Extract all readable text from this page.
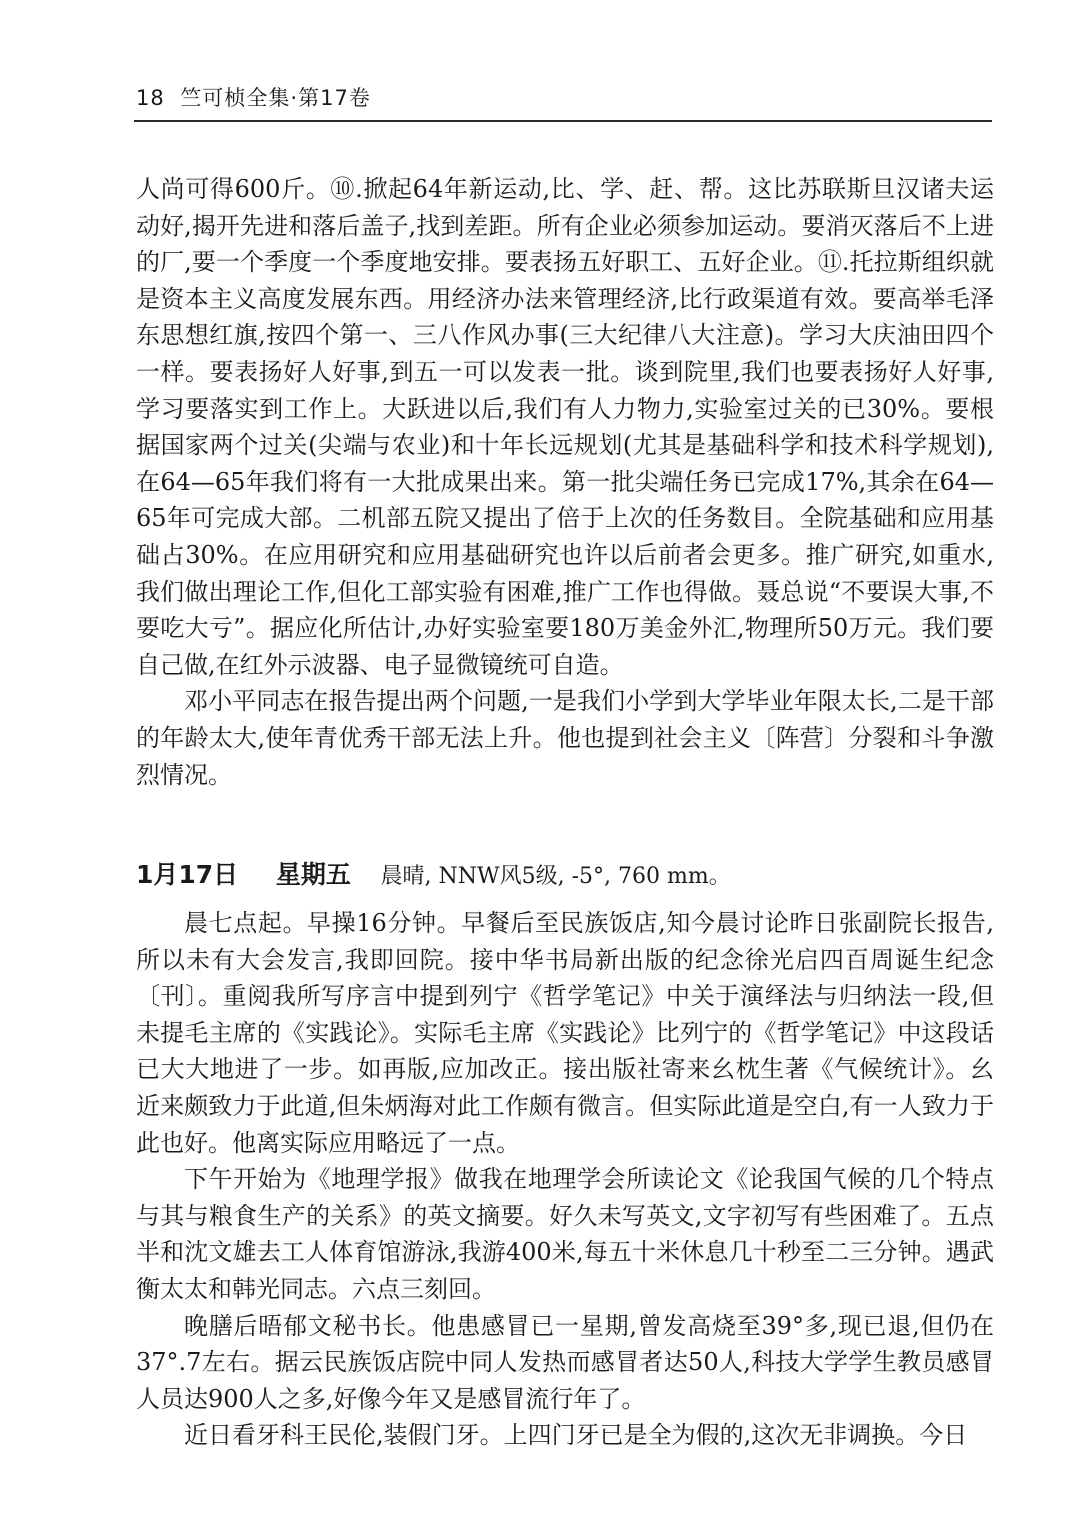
18 竺可桢全集·第17卷

人尚可得600斤。⑩.掀起64年新运动,比、学、赶、帮。这比苏联斯旦汉诸夫运动好,揭开先进和落后盖子,找到差距。所有企业必须参加运动。要消灭落后不上进的厂,要一个季度一个季度地安排。要表扬五好职工、五好企业。⑪.托拉斯组织就是资本主义高度发展东西。用经济办法来管理经济,比行政渠道有效。要高举毛泽东思想红旗,按四个第一、三八作风办事(三大纪律八大注意)。学习大庆油田四个一样。要表扬好人好事,到五一可以发表一批。谈到院里,我们也要表扬好人好事,学习要落实到工作上。大跃进以后,我们有人力物力,实验室过关的已30%。要根据国家两个过关(尖端与农业)和十年长远规划(尤其是基础科学和技术科学规划),在64—65年我们将有一大批成果出来。第一批尖端任务已完成17%,其余在64—65年可完成大部。二机部五院又提出了倍于上次的任务数目。全院基础和应用基础占30%。在应用研究和应用基础研究也许以后前者会更多。推广研究,如重水,我们做出理论工作,但化工部实验有困难,推广工作也得做。聂总说“不要误大事,不要吃大亏”。据应化所估计,办好实验室要180万美金外汇,物理所50万元。我们要自己做,在红外示波器、电子显微镜统可自造。

邓小平同志在报告提出两个问题,一是我们小学到大学毕业年限太长,二是干部的年龄太大,使年青优秀干部无法上升。他也提到社会主义〔阵营〕分裂和斗争激烈情况。

1月17日 星期五 晨晴, NNW风5级, -5°, 760 mm。

晨七点起。早操16分钟。早餐后至民族饭店,知今晨讨论昨日张副院长报告,所以未有大会发言,我即回院。接中华书局新出版的纪念徐光启四百周诞生纪念〔刊〕。重阅我所写序言中提到列宁《哲学笔记》中关于演绎法与归纳法一段,但未提毛主席的《实践论》。实际毛主席《实践论》比列宁的《哲学笔记》中这段话已大大地进了一步。如再版,应加改正。接出版社寄来幺枕生著《气候统计》。幺近来颇致力于此道,但朱炳海对此工作颇有微言。但实际此道是空白,有一人致力于此也好。他离实际应用略远了一点。

下午开始为《地理学报》做我在地理学会所读论文《论我国气候的几个特点与其与粮食生产的关系》的英文摘要。好久未写英文,文字初写有些困难了。五点半和沈文雄去工人体育馆游泳,我游400米,每五十米休息几十秒至二三分钟。遇武衡太太和韩光同志。六点三刻回。

晚膳后晤郁文秘书长。他患感冒已一星期,曾发高烧至39°多,现已退,但仍在37°.7左右。据云民族饭店院中同人发热而感冒者达50人,科技大学学生教员感冒人员达900人之多,好像今年又是感冒流行年了。

近日看牙科王民伦,装假门牙。上四门牙已是全为假的,这次无非调换。今日
